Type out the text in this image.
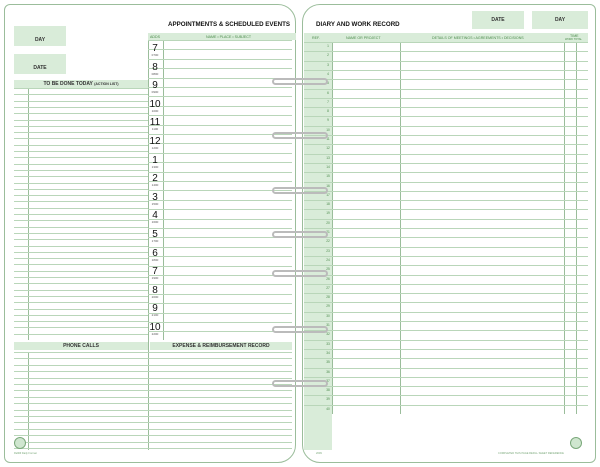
DAY
DATE
APPOINTMENTS & SCHEDULED EVENTS
TO BE DONE TODAY
(ACTION LIST)
ADDS	NAME • PLACE • SUBJECT
7
0700
8
0800
9
0900
10
1000
11
1100
12
1200
1
1300
2
1400
3
1500
4
1600
5
1700
6
1800
7
1900
8
2000
9
2100
10
2200
PHONE CALLS	EXPENSE & REIMBURSEMENT RECORD
Refill# Daily Format
DIARY AND WORK RECORD
DATE	DAY
REF.	NAME OR PROJECT	DETAILS OF MEETINGS • AGREEMENTS • DECISIONS	TIME
WORK TOTAL
1
2
3
4
5
6
7
8
9
10
11
12
13
14
15
16
17
18
19
20
21
22
23
24
25
26
27
28
29
30
31
32
33
34
35
36
37
38
39
40
2009	COMPLETED THIS PAGE REFILL SHEET REFERENCE
